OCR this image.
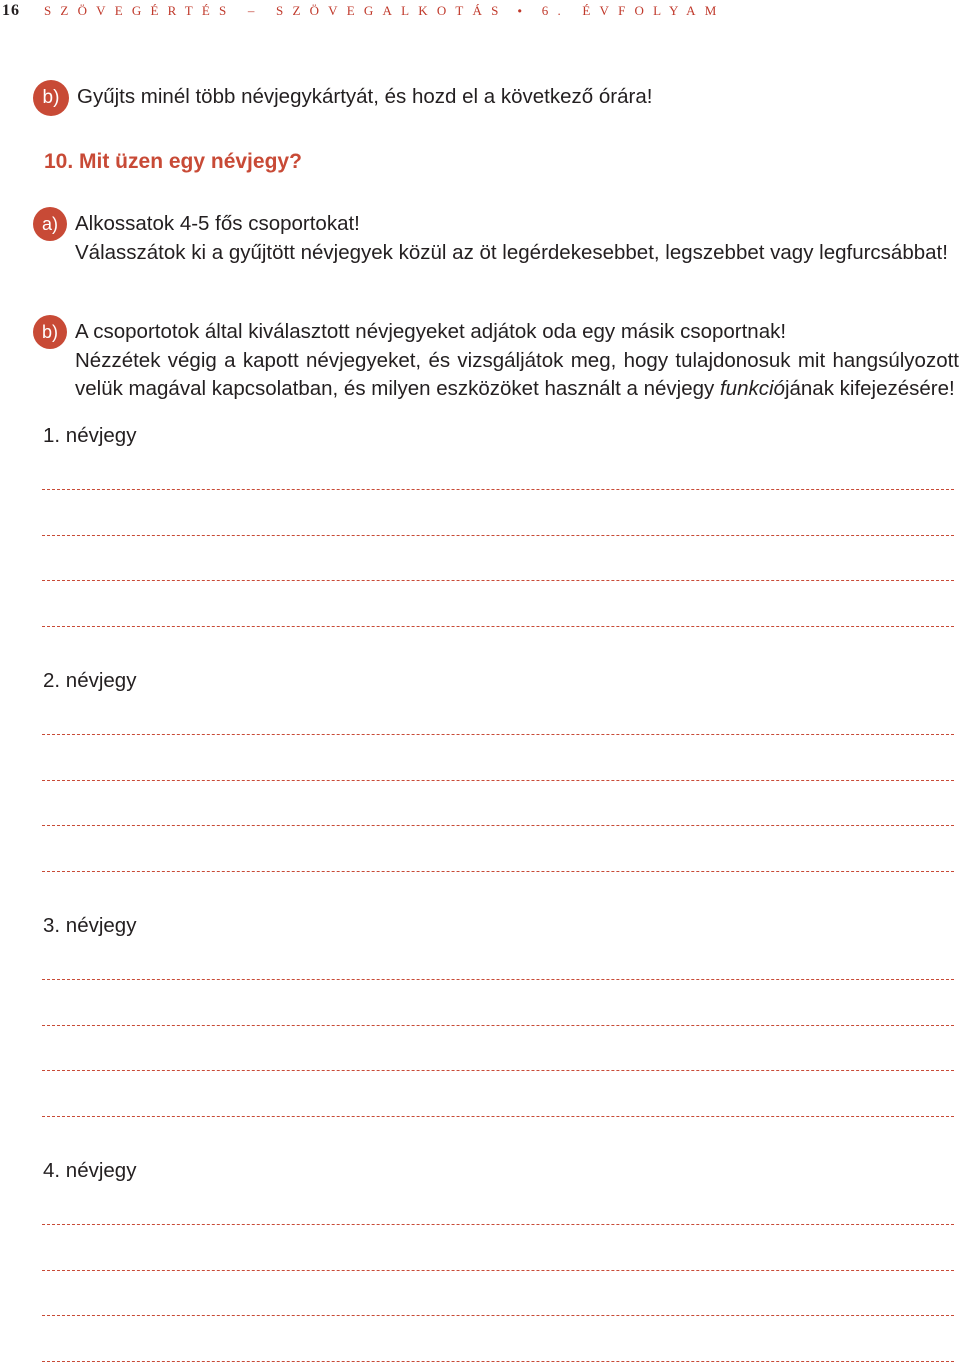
16 SZÖVEGÉRTÉS – SZÖVEGALKOTÁS • 6. ÉVFOLYAM
b) Gyűjts minél több névjegykártyát, és hozd el a következő órára!

10. Mit üzen egy névjegy?
a) Alkossatok 4-5 fős csoportokat!

Válasszátok ki a gyűjtött névjegyek közül az öt legérdekesebbet, legszebbet vagy legfurcsábbat!

b) A csoportotok által kiválasztott névjegyeket adjátok oda egy másik csoportnak!

Nézzétek végig a kapott névjegyeket, és vizsgáljátok meg, hogy tulajdonosuk mit hangsúlyozott velük magával kapcsolatban, és milyen eszközöket használt a névjegy funkciójának kifejezésére!

1. névjegy
2. névjegy
3. névjegy
4. névjegy
